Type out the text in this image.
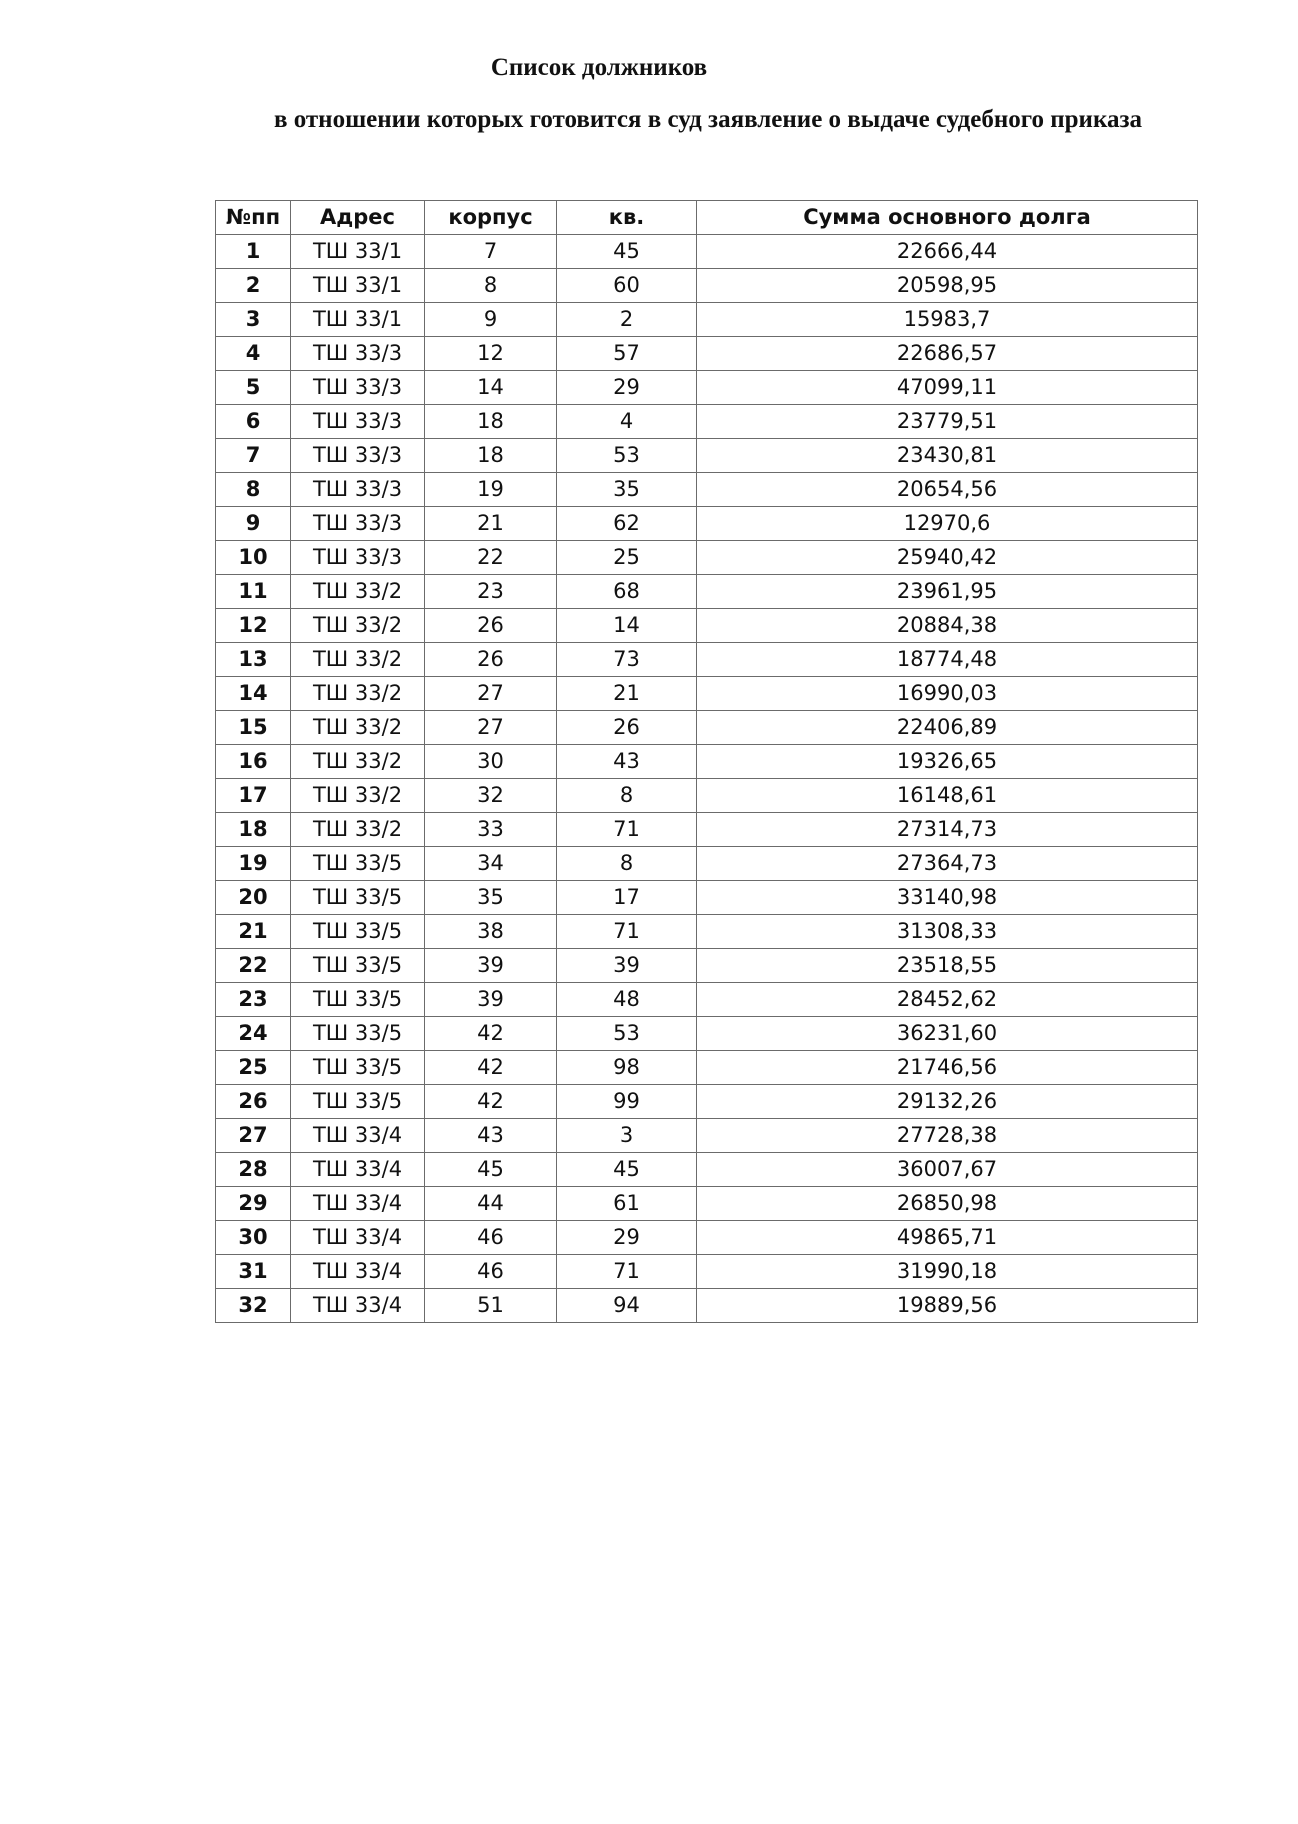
Список должников
в отношении которых готовится в суд заявление о выдаче судебного приказа
№пп	Адрес	корпус	кв.	Сумма основного долга
1	ТШ 33/1	7	45	22666,44
2	ТШ 33/1	8	60	20598,95
3	ТШ 33/1	9	2	15983,7
4	ТШ 33/3	12	57	22686,57
5	ТШ 33/3	14	29	47099,11
6	ТШ 33/3	18	4	23779,51
7	ТШ 33/3	18	53	23430,81
8	ТШ 33/3	19	35	20654,56
9	ТШ 33/3	21	62	12970,6
10	ТШ 33/3	22	25	25940,42
11	ТШ 33/2	23	68	23961,95
12	ТШ 33/2	26	14	20884,38
13	ТШ 33/2	26	73	18774,48
14	ТШ 33/2	27	21	16990,03
15	ТШ 33/2	27	26	22406,89
16	ТШ 33/2	30	43	19326,65
17	ТШ 33/2	32	8	16148,61
18	ТШ 33/2	33	71	27314,73
19	ТШ 33/5	34	8	27364,73
20	ТШ 33/5	35	17	33140,98
21	ТШ 33/5	38	71	31308,33
22	ТШ 33/5	39	39	23518,55
23	ТШ 33/5	39	48	28452,62
24	ТШ 33/5	42	53	36231,60
25	ТШ 33/5	42	98	21746,56
26	ТШ 33/5	42	99	29132,26
27	ТШ 33/4	43	3	27728,38
28	ТШ 33/4	45	45	36007,67
29	ТШ 33/4	44	61	26850,98
30	ТШ 33/4	46	29	49865,71
31	ТШ 33/4	46	71	31990,18
32	ТШ 33/4	51	94	19889,56
